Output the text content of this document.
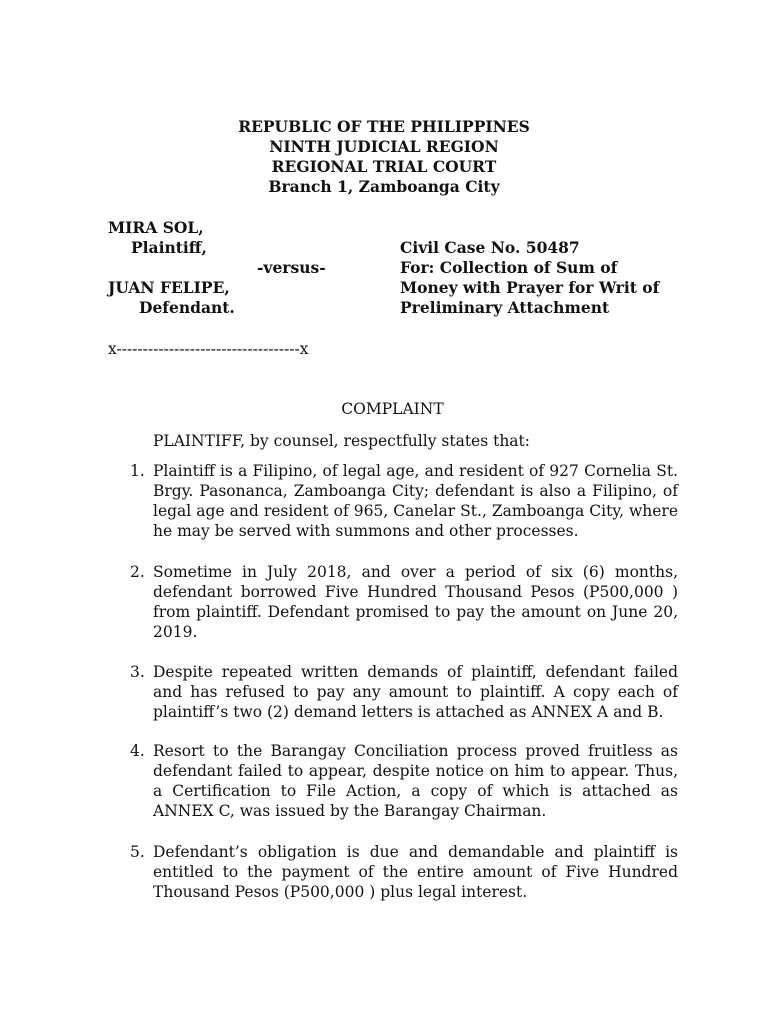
REPUBLIC OF THE PHILIPPINES
NINTH JUDICIAL REGION
REGIONAL TRIAL COURT
Branch 1, Zamboanga City
MIRA SOL,
Plaintiff,
-versus-
JUAN FELIPE,
Defendant.
Civil Case No. 50487
For: Collection of Sum of
Money with Prayer for Writ of
Preliminary Attachment
x-----------------------------------x
COMPLAINT
PLAINTIFF, by counsel, respectfully states that:
1. Plaintiff is a Filipino, of legal age, and resident of 927 Cornelia St. Brgy. Pasonanca, Zamboanga City; defendant is also a Filipino, of legal age and resident of 965, Canelar St., Zamboanga City, where he may be served with summons and other processes.
2. Sometime in July 2018, and over a period of six (6) months, defendant borrowed Five Hundred Thousand Pesos (P500,000 ) from plaintiff. Defendant promised to pay the amount on June 20, 2019.
3. Despite repeated written demands of plaintiff, defendant failed and has refused to pay any amount to plaintiff. A copy each of plaintiff’s two (2) demand letters is attached as ANNEX A and B.
4. Resort to the Barangay Conciliation process proved fruitless as defendant failed to appear, despite notice on him to appear. Thus, a Certification to File Action, a copy of which is attached as ANNEX C, was issued by the Barangay Chairman.
5. Defendant’s obligation is due and demandable and plaintiff is entitled to the payment of the entire amount of Five Hundred Thousand Pesos (P500,000 ) plus legal interest.
